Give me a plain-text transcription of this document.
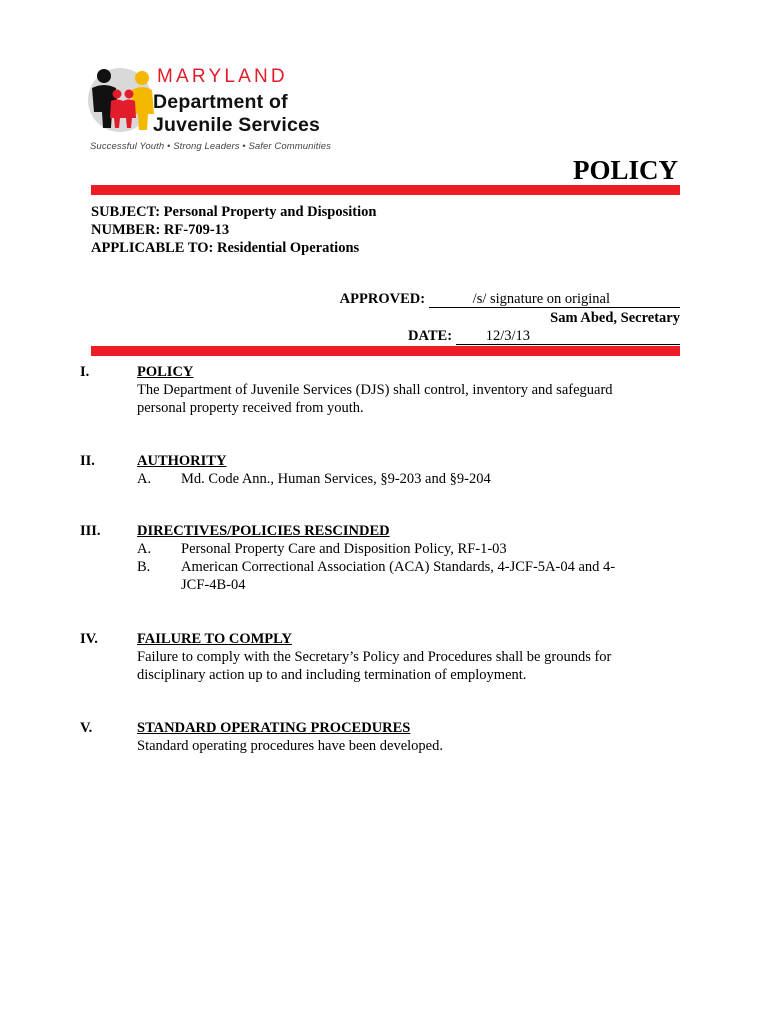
MARYLAND
Department of
Juvenile Services
Successful Youth • Strong Leaders • Safer Communities
POLICY
SUBJECT: Personal Property and Disposition
NUMBER: RF-709-13
APPLICABLE TO: Residential Operations
APPROVED:	/s/ signature on original
Sam Abed, Secretary
DATE: 12/3/13
I.	POLICY
The Department of Juvenile Services (DJS) shall control, inventory and safeguard personal property received from youth.
II.	AUTHORITY
A.	Md. Code Ann., Human Services, §9-203 and §9-204
III.	DIRECTIVES/POLICIES RESCINDED
A.	Personal Property Care and Disposition Policy, RF-1-03
B.	American Correctional Association (ACA) Standards, 4-JCF-5A-04 and 4-JCF-4B-04
IV.	FAILURE TO COMPLY
Failure to comply with the Secretary’s Policy and Procedures shall be grounds for disciplinary action up to and including termination of employment.
V.	STANDARD OPERATING PROCEDURES
Standard operating procedures have been developed.
